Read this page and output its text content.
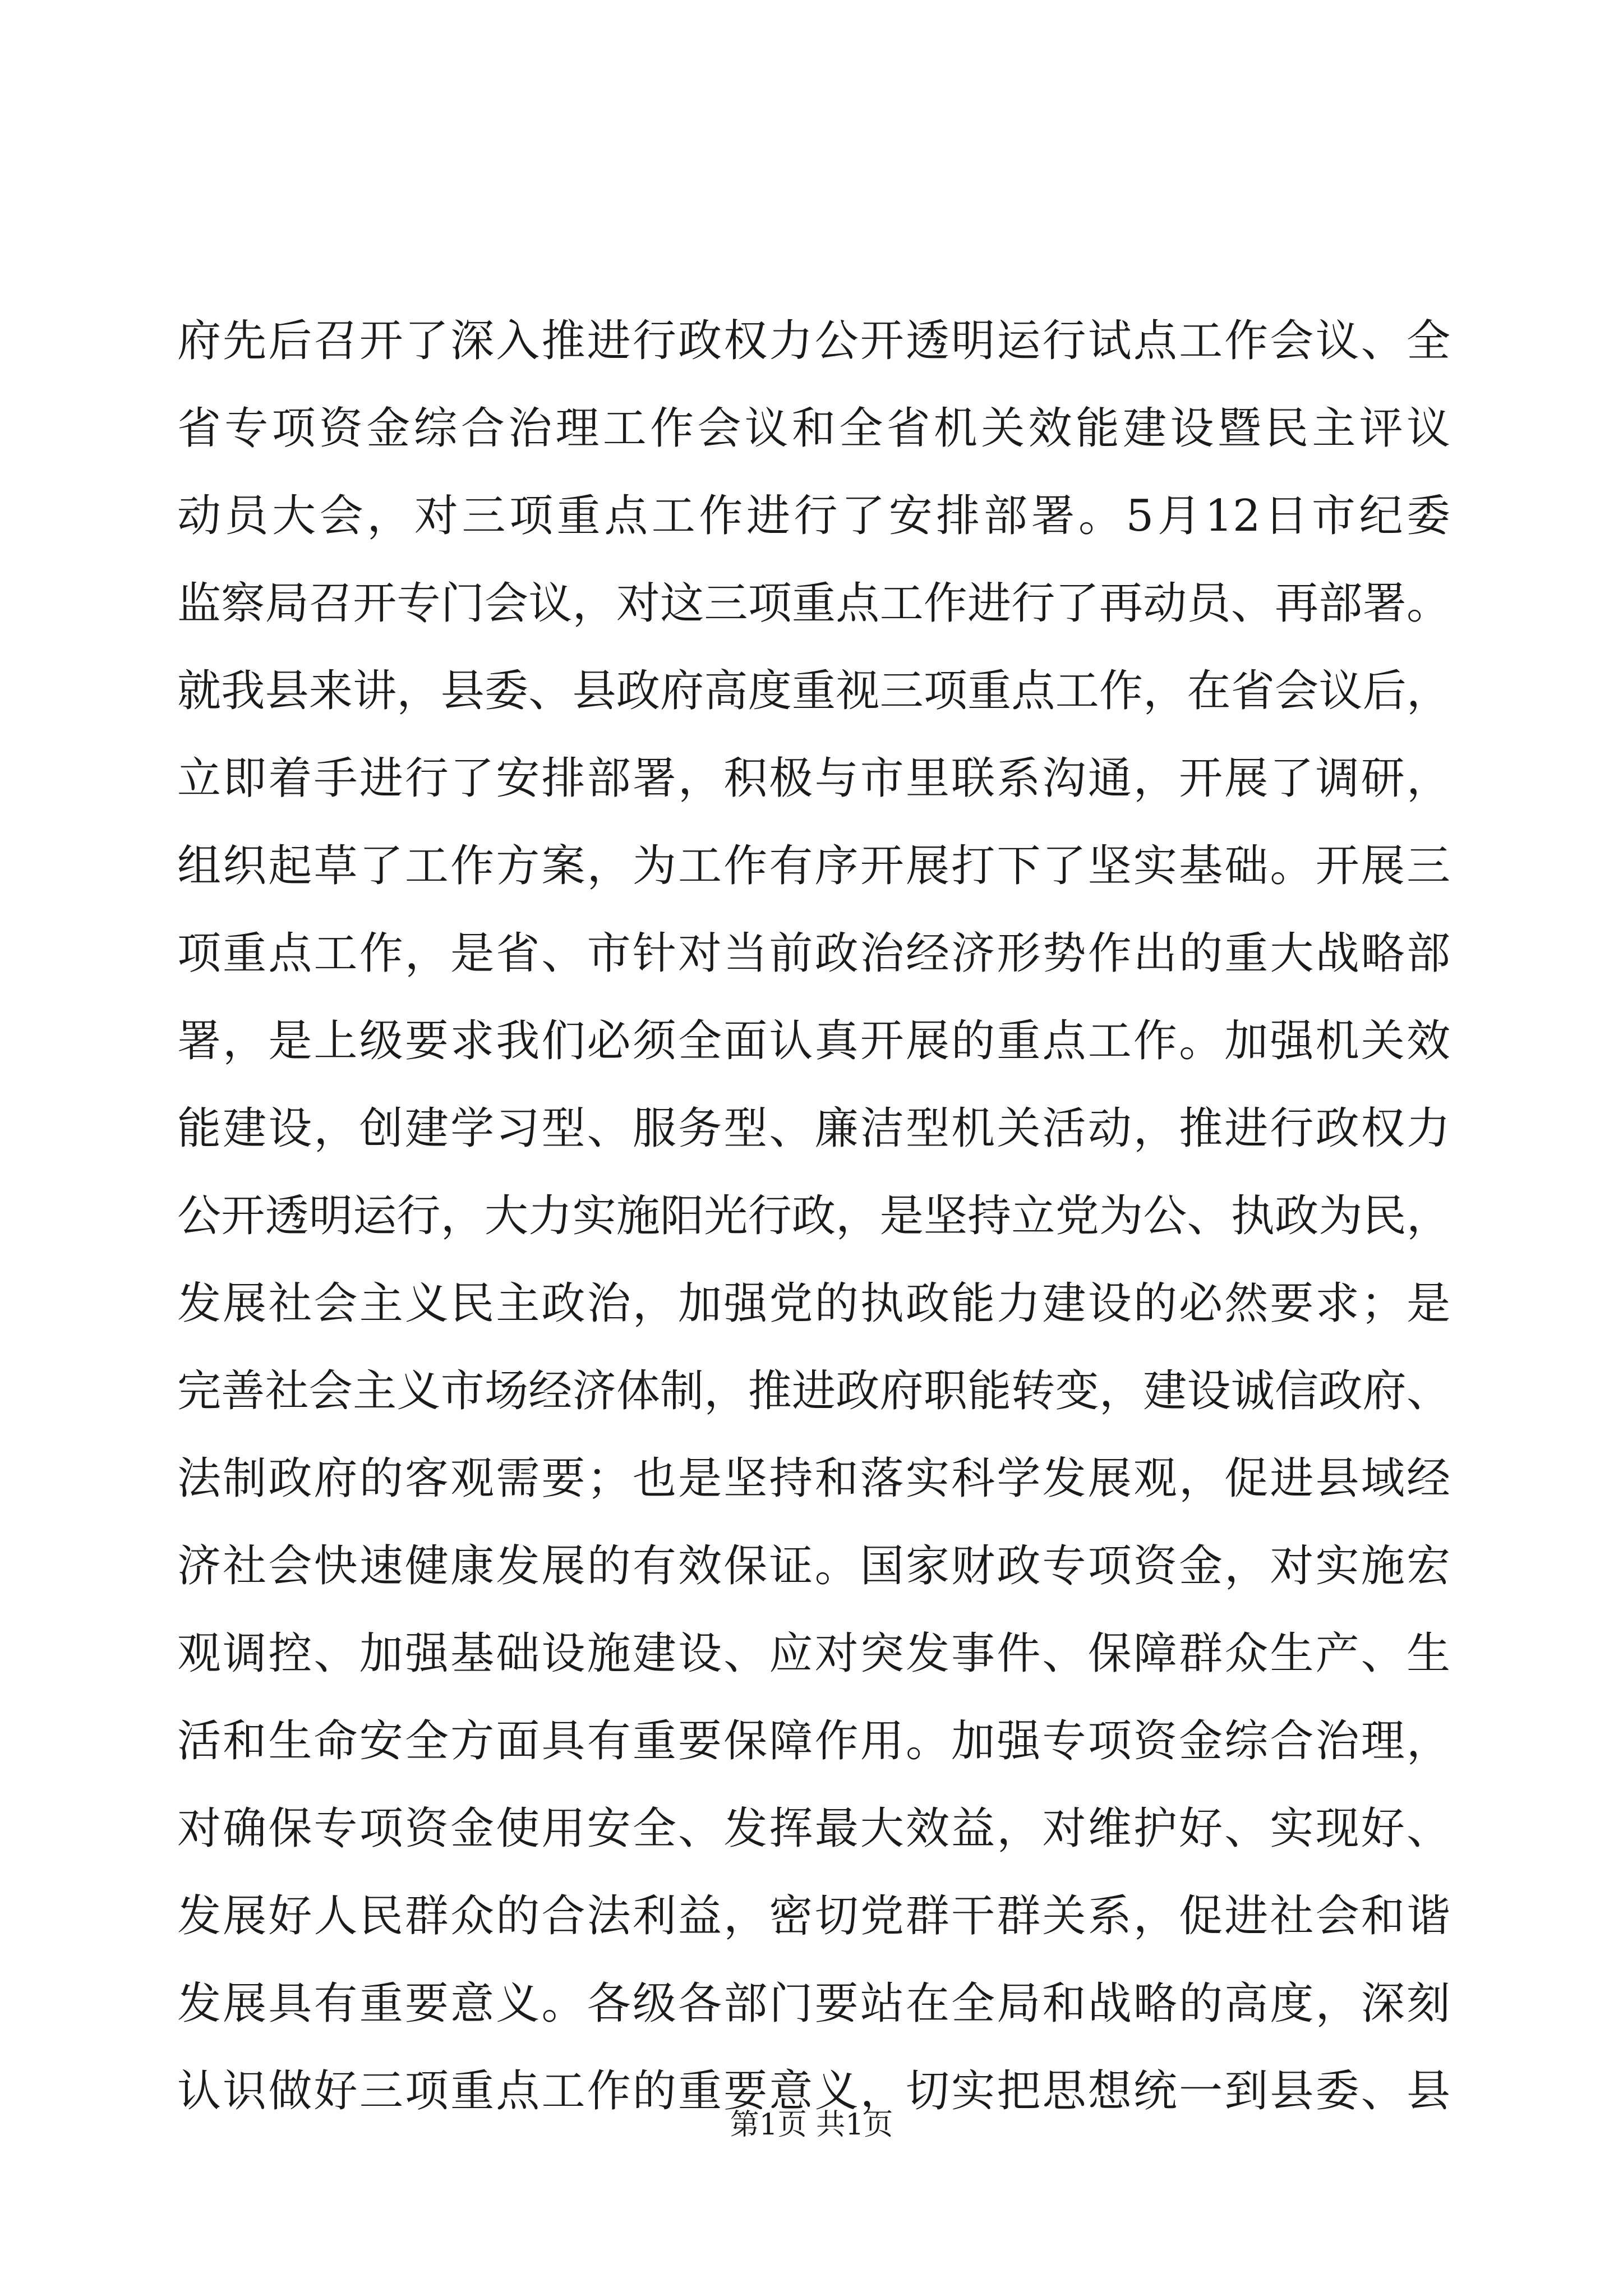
府先后召开了深入推进行政权力公开透明运行试点工作会议、全
省专项资金综合治理工作会议和全省机关效能建设暨民主评议
动员大会，对三项重点工作进行了安排部署。5月12日市纪委
监察局召开专门会议，对这三项重点工作进行了再动员、再部署。
就我县来讲，县委、县政府高度重视三项重点工作，在省会议后，
立即着手进行了安排部署，积极与市里联系沟通，开展了调研，
组织起草了工作方案，为工作有序开展打下了坚实基础。开展三
项重点工作，是省、市针对当前政治经济形势作出的重大战略部
署，是上级要求我们必须全面认真开展的重点工作。加强机关效
能建设，创建学习型、服务型、廉洁型机关活动，推进行政权力
公开透明运行，大力实施阳光行政，是坚持立党为公、执政为民，
发展社会主义民主政治，加强党的执政能力建设的必然要求；是
完善社会主义市场经济体制，推进政府职能转变，建设诚信政府、
法制政府的客观需要；也是坚持和落实科学发展观，促进县域经
济社会快速健康发展的有效保证。国家财政专项资金，对实施宏
观调控、加强基础设施建设、应对突发事件、保障群众生产、生
活和生命安全方面具有重要保障作用。加强专项资金综合治理，
对确保专项资金使用安全、发挥最大效益，对维护好、实现好、
发展好人民群众的合法利益，密切党群干群关系，促进社会和谐
发展具有重要意义。各级各部门要站在全局和战略的高度，深刻
认识做好三项重点工作的重要意义，切实把思想统一到县委、县
第1页 共1页
